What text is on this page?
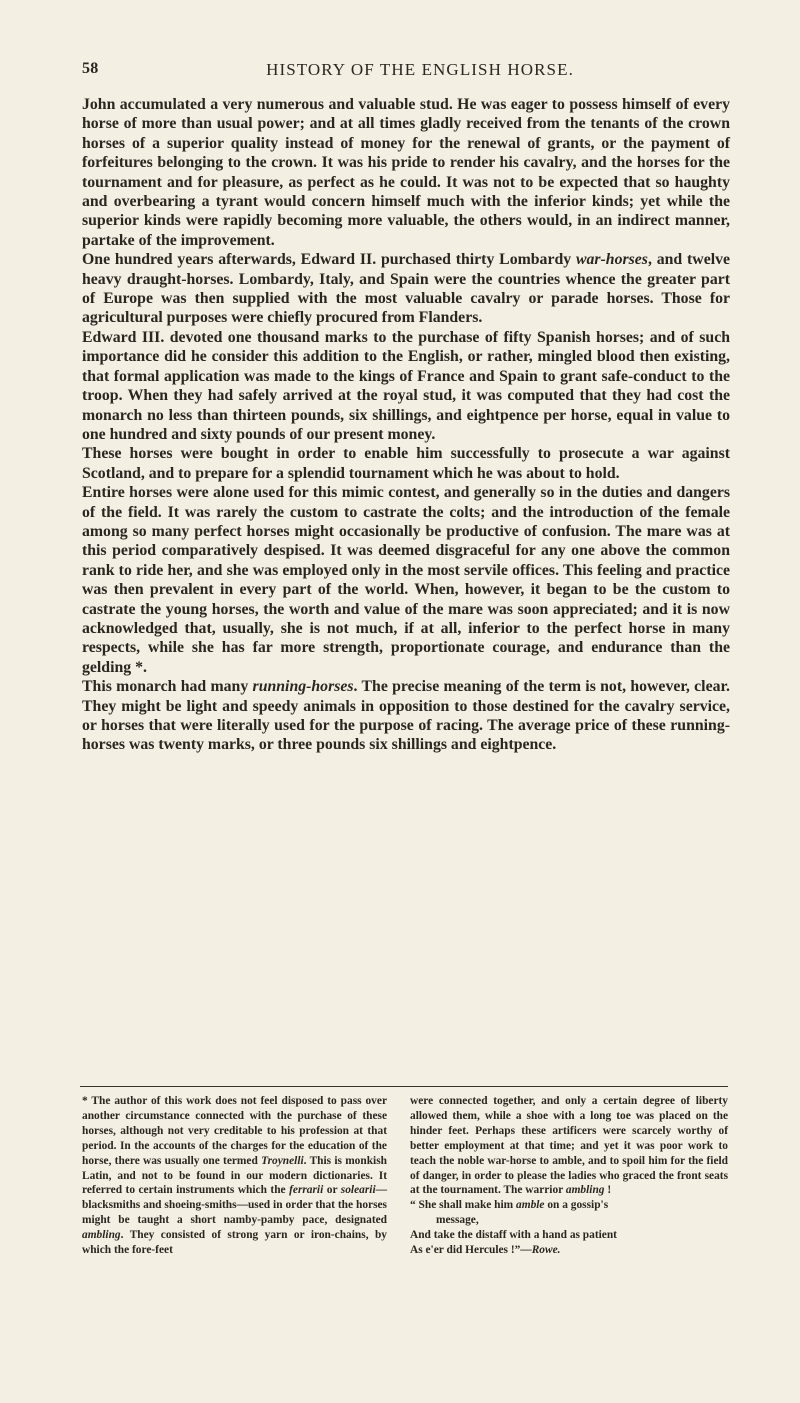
58	HISTORY OF THE ENGLISH HORSE.

John accumulated a very numerous and valuable stud. He was eager to possess himself of every horse of more than usual power; and at all times gladly received from the tenants of the crown horses of a superior quality instead of money for the renewal of grants, or the payment of forfeitures belonging to the crown. It was his pride to render his cavalry, and the horses for the tournament and for pleasure, as perfect as he could. It was not to be expected that so haughty and overbearing a tyrant would concern himself much with the inferior kinds; yet while the superior kinds were rapidly becoming more valuable, the others would, in an indirect manner, partake of the improvement.

One hundred years afterwards, Edward II. purchased thirty Lombardy war-horses, and twelve heavy draught-horses. Lombardy, Italy, and Spain were the countries whence the greater part of Europe was then supplied with the most valuable cavalry or parade horses. Those for agricultural purposes were chiefly procured from Flanders.

Edward III. devoted one thousand marks to the purchase of fifty Spanish horses; and of such importance did he consider this addition to the English, or rather, mingled blood then existing, that formal application was made to the kings of France and Spain to grant safe-conduct to the troop. When they had safely arrived at the royal stud, it was computed that they had cost the monarch no less than thirteen pounds, six shillings, and eightpence per horse, equal in value to one hundred and sixty pounds of our present money.

These horses were bought in order to enable him successfully to prosecute a war against Scotland, and to prepare for a splendid tournament which he was about to hold.

Entire horses were alone used for this mimic contest, and generally so in the duties and dangers of the field. It was rarely the custom to castrate the colts; and the introduction of the female among so many perfect horses might occasionally be productive of confusion. The mare was at this period comparatively despised. It was deemed disgraceful for any one above the common rank to ride her, and she was employed only in the most servile offices. This feeling and practice was then prevalent in every part of the world. When, however, it began to be the custom to castrate the young horses, the worth and value of the mare was soon appreciated; and it is now acknowledged that, usually, she is not much, if at all, inferior to the perfect horse in many respects, while she has far more strength, proportionate courage, and endurance than the gelding *.

This monarch had many running-horses. The precise meaning of the term is not, however, clear. They might be light and speedy animals in opposition to those destined for the cavalry service, or horses that were literally used for the purpose of racing. The average price of these running-horses was twenty marks, or three pounds six shillings and eightpence.

* The author of this work does not feel disposed to pass over another circumstance connected with the purchase of these horses, although not very creditable to his profession at that period. In the accounts of the charges for the education of the horse, there was usually one termed Troynelli. This is monkish Latin, and not to be found in our modern dictionaries. It referred to certain instruments which the ferrarii or solearii—blacksmiths and shoeing-smiths—used in order that the horses might be taught a short namby-pamby pace, designated ambling. They consisted of strong yarn or iron-chains, by which the fore-feet

were connected together, and only a certain degree of liberty allowed them, while a shoe with a long toe was placed on the hinder feet. Perhaps these artificers were scarcely worthy of better employment at that time; and yet it was poor work to teach the noble war-horse to amble, and to spoil him for the field of danger, in order to please the ladies who graced the front seats at the tournament. The warrior ambling !

“ She shall make him amble on a gossip's
message,
And take the distaff with a hand as patient
As e'er did Hercules !”—Rowe.
